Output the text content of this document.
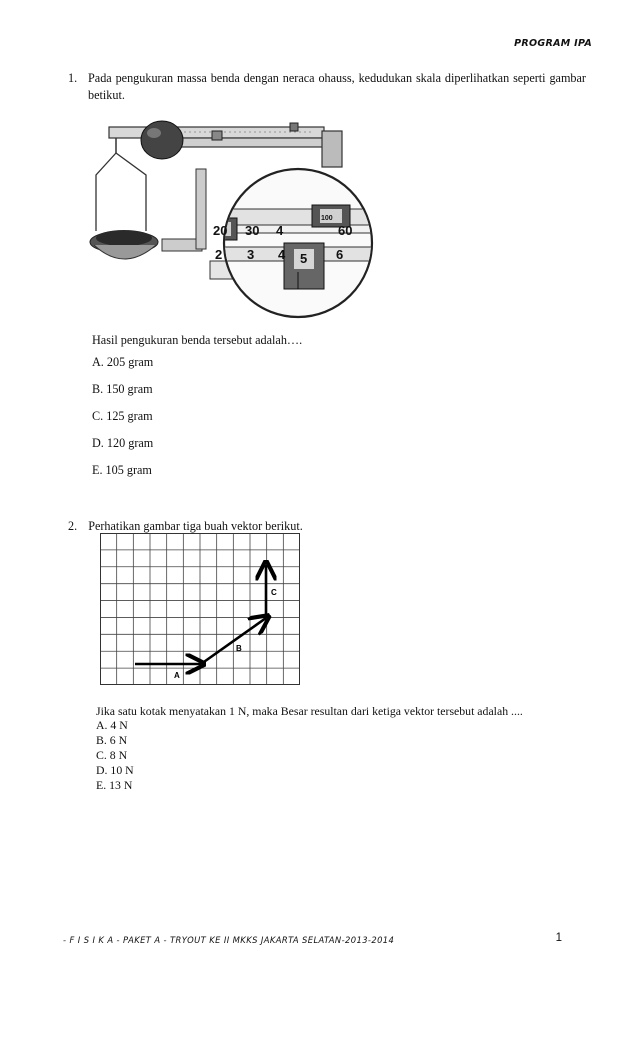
PROGRAM IPA
1. Pada pengukuran massa benda dengan neraca ohauss, kedudukan skala diperlihatkan seperti gambar betikut.
20 30 4
100
60
2 3 4 5 6
Hasil pengukuran benda tersebut adalah….
A. 205 gram
B. 150 gram
C. 125 gram
D. 120 gram
E. 105 gram
2. Perhatikan gambar tiga buah vektor berikut.
A
B
C
Jika satu kotak menyatakan 1 N, maka Besar resultan dari ketiga vektor tersebut adalah ....
A. 4 N
B. 6 N
C. 8 N
D. 10 N
E. 13 N
- F I S I K A - PAKET A - TRYOUT KE II MKKS JAKARTA SELATAN-2013-2014	1
